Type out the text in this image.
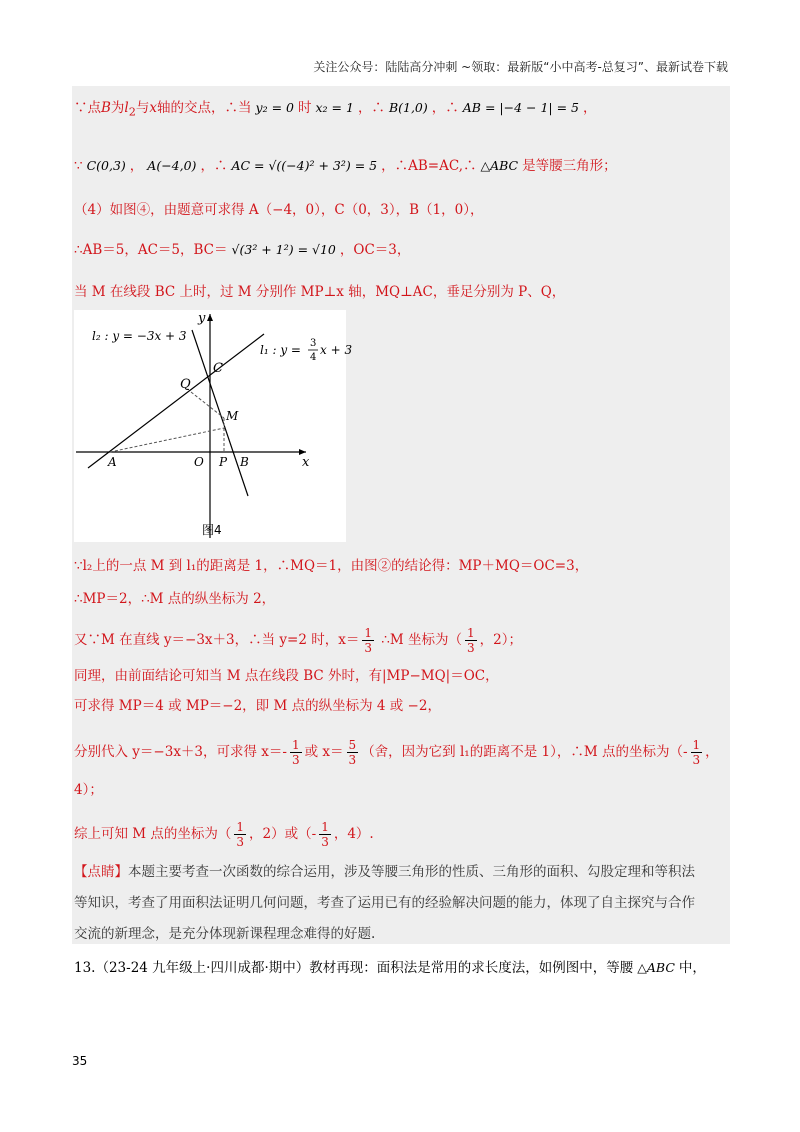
关注公众号：陆陆高分冲刺 ~领取：最新版“小中高考-总复习”、最新试卷下载
∵点B为$l_2$与x轴的交点，∴当 y₂ = 0 时 x₂ = 1 ，∴ B(1,0) ，∴ AB = |−4 − 1| = 5 ，
∵ C(0,3) ， A(−4,0) ，∴ AC = √((−4)² + 3²) = 5 ，∴AB=AC,∴ △ABC 是等腰三角形；
（4）如图④，由题意可求得 A（−4，0），C（0，3），B（1，0），
∴AB＝5，AC＝5，BC＝ √(3² + 1²) = √10 ，OC＝3，
当 M 在线段 BC 上时，过 M 分别作 MP⊥x 轴，MQ⊥AC，垂足分别为 P、Q，
l₂ : y = −3x + 3
l₁ : y = 3
4
x + 3
y
x
C
Q
M
A	O P B
图4
∵l₂上的一点 M 到 l₁的距离是 1，∴MQ＝1，由图②的结论得：MP＋MQ＝OC=3，
∴MP＝2，∴M 点的纵坐标为 2，
又∵M 在直线 y＝−3x＋3，∴当 y=2 时，$x= \frac{1}{3}$ ∴M 坐标为（ $\frac{1}{3}$ ，2）；
同理，由前面结论可知当 M 点在线段 BC 外时，有|MP−MQ|＝OC，
可求得 MP＝4 或 MP＝−2，即 M 点的纵坐标为 4 或 −2，
分别代入 y＝−3x＋3，可求得 $x=- \frac{1}{3}$ 或 $x= \frac{5}{3}$ （舍，因为它到 l₁的距离不是 1），∴M 点的坐标为（- $\frac{1}{3}$ ，
4）；
综上可知 M 点的坐标为（ $\frac{1}{3}$ ，2）或（- $\frac{1}{3}$ ，4）.
【点睛】本题主要考查一次函数的综合运用，涉及等腰三角形的性质、三角形的面积、勾股定理和等积法
等知识，考查了用面积法证明几何问题，考查了运用已有的经验解决问题的能力，体现了自主探究与合作
交流的新理念，是充分体现新课程理念难得的好题.
13.（23-24 九年级上·四川成都·期中）教材再现：面积法是常用的求长度法，如例图中，等腰 △ABC 中，
35
